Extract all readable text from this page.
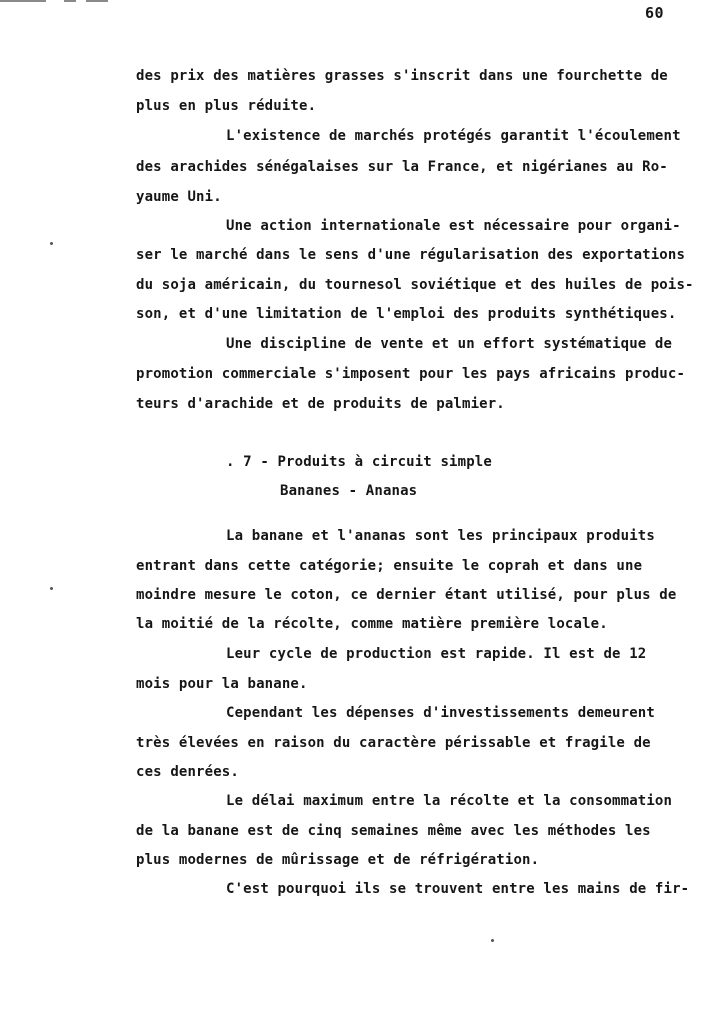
60
des prix des matières grasses s'inscrit dans une fourchette de
plus en plus réduite.
L'existence de marchés protégés garantit l'écoulement
des arachides sénégalaises sur la France, et nigérianes au Ro-
yaume Uni.
Une action internationale est nécessaire pour organi-
ser le marché dans le sens d'une régularisation des exportations
du soja américain, du tournesol soviétique et des huiles de pois-
son, et d'une limitation de l'emploi des produits synthétiques.
Une discipline de vente et un effort systématique de
promotion commerciale s'imposent pour les pays africains produc-
teurs d'arachide et de produits de palmier.
. 7 - Produits à circuit simple
Bananes - Ananas
La banane et l'ananas sont les principaux produits
entrant dans cette catégorie; ensuite le coprah et dans une
moindre mesure le coton, ce dernier étant utilisé, pour plus de
la moitié de la récolte, comme matière première locale.
Leur cycle de production est rapide. Il est de 12
mois pour la banane.
Cependant les dépenses d'investissements demeurent
très élevées en raison du caractère périssable et fragile de
ces denrées.
Le délai maximum entre la récolte et la consommation
de la banane est de cinq semaines même avec les méthodes les
plus modernes de mûrissage et de réfrigération.
C'est pourquoi ils se trouvent entre les mains de fir-
